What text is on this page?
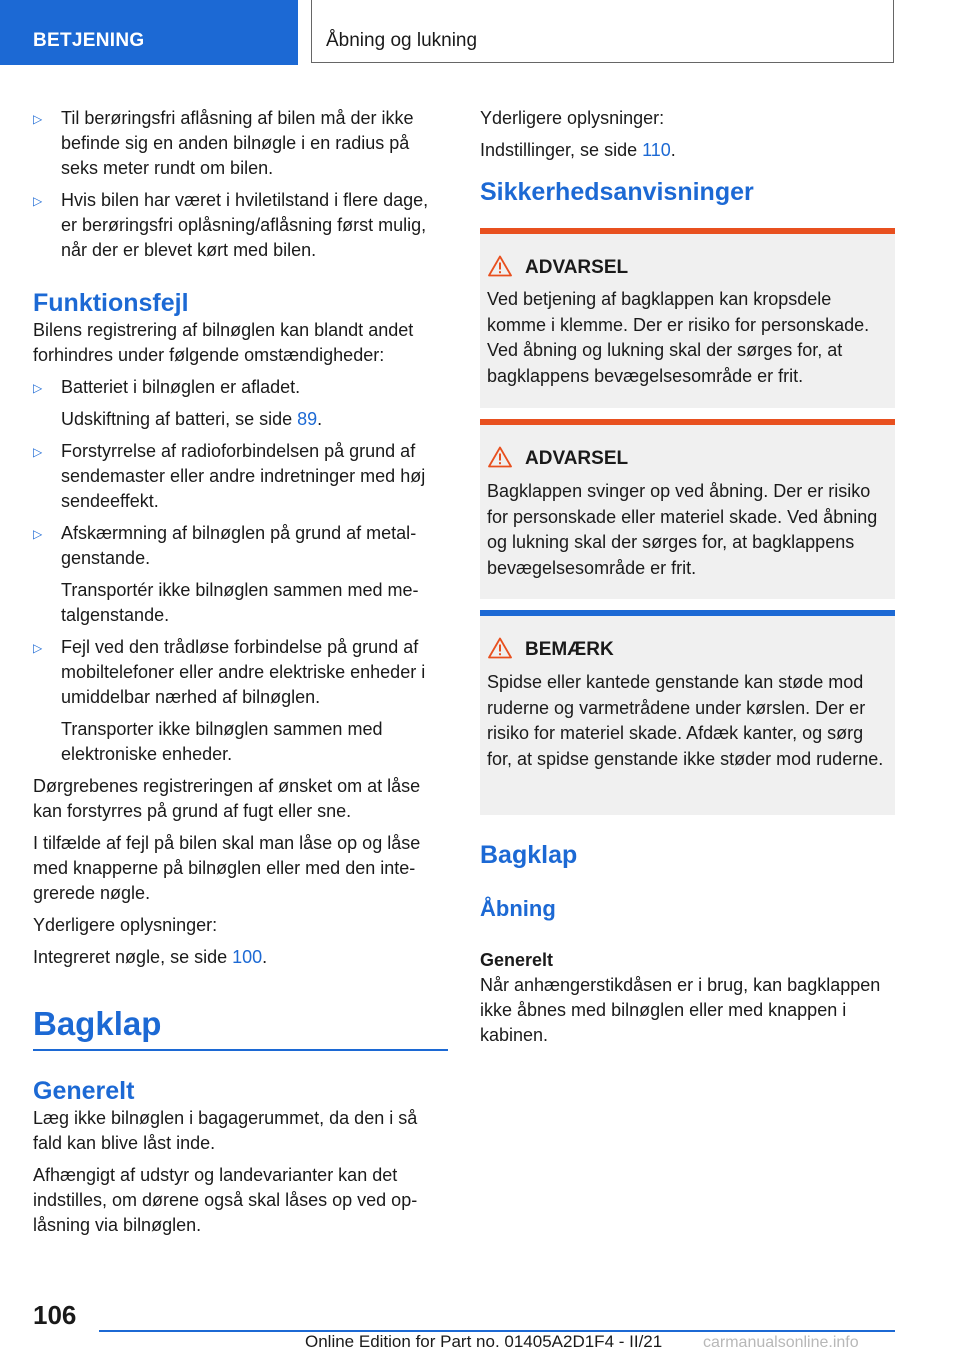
BETJENING	Åbning og lukning
▷ Til berøringsfri aflåsning af bilen må der ikke befinde sig en anden bilnøgle i en radius på seks meter rundt om bilen.
▷ Hvis bilen har været i hviletilstand i flere dage, er berøringsfri oplåsning/aflåsning først mulig, når der er blevet kørt med bilen.
Funktionsfejl

Bilens registrering af bilnøglen kan blandt andet forhindres under følgende omstændigheder:

▷ Batteriet i bilnøglen er afladet.

Udskiftning af batteri, se side 89.

▷ Forstyrrelse af radioforbindelsen på grund af sendemaster eller andre indretninger med høj sendeeffekt.
▷ Afskærmning af bilnøglen på grund af metalgenstande.

Transportér ikke bilnøglen sammen med metalgenstande.

▷ Fejl ved den trådløse forbindelse på grund af mobiltelefoner eller andre elektriske enheder i umiddelbar nærhed af bilnøglen.

Transporter ikke bilnøglen sammen med elektroniske enheder.

Dørgrebenes registreringen af ønsket om at låse kan forstyrres på grund af fugt eller sne.

I tilfælde af fejl på bilen skal man låse op og låse med knapperne på bilnøglen eller med den integrerede nøgle.

Yderligere oplysninger:

Integreret nøgle, se side 100.

Bagklap
Generelt

Læg ikke bilnøglen i bagagerummet, da den i så fald kan blive låst inde.

Afhængigt af udstyr og landevarianter kan det indstilles, om dørene også skal låses op ved oplåsning via bilnøglen.

Yderligere oplysninger:

Indstillinger, se side 110.

Sikkerhedsanvisninger
ADVARSEL
Ved betjening af bagklappen kan kropsdele komme i klemme. Der er risiko for personskade. Ved åbning og lukning skal der sørges for, at bagklappens bevægelsesområde er frit.
ADVARSEL
Bagklappen svinger op ved åbning. Der er risiko for personskade eller materiel skade. Ved åbning og lukning skal der sørges for, at bagklappens bevægelsesområde er frit.
BEMÆRK
Spidse eller kantede genstande kan støde mod ruderne og varmetrådene under kørslen. Der er risiko for materiel skade. Afdæk kanter, og sørg for, at spidse genstande ikke støder mod ruderne.
Bagklap
Åbning
Generelt

Når anhængerstikdåsen er i brug, kan bagklappen ikke åbnes med bilnøglen eller med knappen i kabinen.

106
Online Edition for Part no. 01405A2D1F4 - II/21	carmanualsonline.info
